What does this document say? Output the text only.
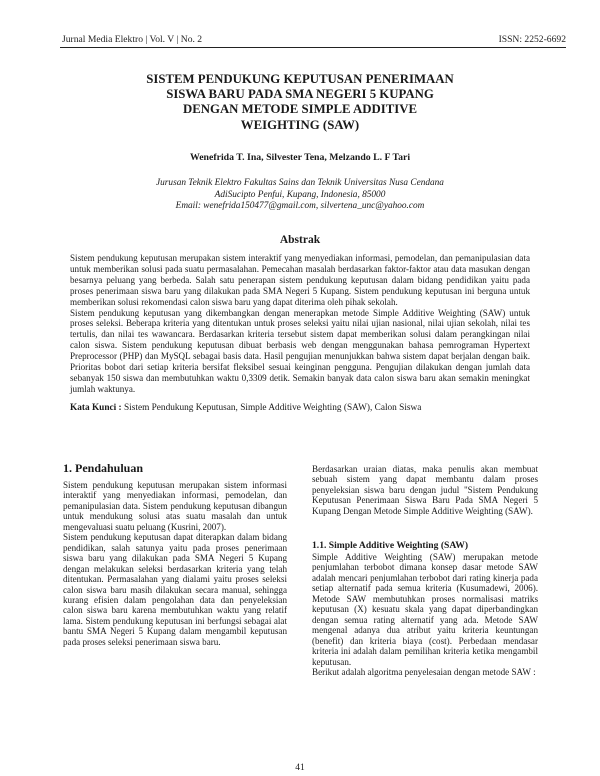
Jurnal Media Elektro | Vol. V | No. 2	ISSN: 2252-6692
SISTEM PENDUKUNG KEPUTUSAN PENERIMAAN
SISWA BARU PADA SMA NEGERI 5 KUPANG
DENGAN METODE SIMPLE ADDITIVE
WEIGHTING (SAW)
Wenefrida T. Ina, Silvester Tena, Melzando L. F Tari
Jurusan Teknik Elektro Fakultas Sains dan Teknik Universitas Nusa Cendana
AdiSucipto Penfui, Kupang, Indonesia, 85000
Email: wenefrida150477@gmail.com, silvertena_unc@yahoo.com
Abstrak

Sistem pendukung keputusan merupakan sistem interaktif yang menyediakan informasi, pemodelan, dan pemanipulasian data untuk memberikan solusi pada suatu permasalahan. Pemecahan masalah berdasarkan faktor-faktor atau data masukan dengan besarnya peluang yang berbeda. Salah satu penerapan sistem pendukung keputusan dalam bidang pendidikan yaitu pada proses penerimaan siswa baru yang dilakukan pada SMA Negeri 5 Kupang. Sistem pendukung keputusan ini berguna untuk memberikan solusi rekomendasi calon siswa baru yang dapat diterima oleh pihak sekolah.

Sistem pendukung keputusan yang dikembangkan dengan menerapkan metode Simple Additive Weighting (SAW) untuk proses seleksi. Beberapa kriteria yang ditentukan untuk proses seleksi yaitu nilai ujian nasional, nilai ujian sekolah, nilai tes tertulis, dan nilai tes wawancara. Berdasarkan kriteria tersebut sistem dapat memberikan solusi dalam perangkingan nilai calon siswa. Sistem pendukung keputusan dibuat berbasis web dengan menggunakan bahasa pemrograman Hypertext Preprocessor (PHP) dan MySQL sebagai basis data. Hasil pengujian menunjukkan bahwa sistem dapat berjalan dengan baik. Prioritas bobot dari setiap kriteria bersifat fleksibel sesuai keinginan pengguna. Pengujian dilakukan dengan jumlah data sebanyak 150 siswa dan membutuhkan waktu 0,3309 detik. Semakin banyak data calon siswa baru akan semakin meningkat jumlah waktunya.

Kata Kunci : Sistem Pendukung Keputusan, Simple Additive Weighting (SAW), Calon Siswa
1. Pendahuluan

Sistem pendukung keputusan merupakan sistem informasi interaktif yang menyediakan informasi, pemodelan, dan pemanipulasian data. Sistem pendukung keputusan dibangun untuk mendukung solusi atas suatu masalah dan untuk mengevaluasi suatu peluang (Kusrini, 2007).

Sistem pendukung keputusan dapat diterapkan dalam bidang pendidikan, salah satunya yaitu pada proses penerimaan siswa baru yang dilakukan pada SMA Negeri 5 Kupang dengan melakukan seleksi berdasarkan kriteria yang telah ditentukan. Permasalahan yang dialami yaitu proses seleksi calon siswa baru masih dilakukan secara manual, sehingga kurang efisien dalam pengolahan data dan penyeleksian calon siswa baru karena membutuhkan waktu yang relatif lama. Sistem pendukung keputusan ini berfungsi sebagai alat bantu SMA Negeri 5 Kupang dalam mengambil keputusan pada proses seleksi penerimaan siswa baru.

Berdasarkan uraian diatas, maka penulis akan membuat sebuah sistem yang dapat membantu dalam proses penyeleksian siswa baru dengan judul "Sistem Pendukung Keputusan Penerimaan Siswa Baru Pada SMA Negeri 5 Kupang Dengan Metode Simple Additive Weighting (SAW).

1.1. Simple Additive Weighting (SAW)

Simple Additive Weighting (SAW) merupakan metode penjumlahan terbobot dimana konsep dasar metode SAW adalah mencari penjumlahan terbobot dari rating kinerja pada setiap alternatif pada semua kriteria (Kusumadewi, 2006). Metode SAW membutuhkan proses normalisasi matriks keputusan (X) kesuatu skala yang dapat diperbandingkan dengan semua rating alternatif yang ada. Metode SAW mengenal adanya dua atribut yaitu kriteria keuntungan (benefit) dan kriteria biaya (cost). Perbedaan mendasar kriteria ini adalah dalam pemilihan kriteria ketika mengambil keputusan.

Berikut adalah algoritma penyelesaian dengan metode SAW :

41
